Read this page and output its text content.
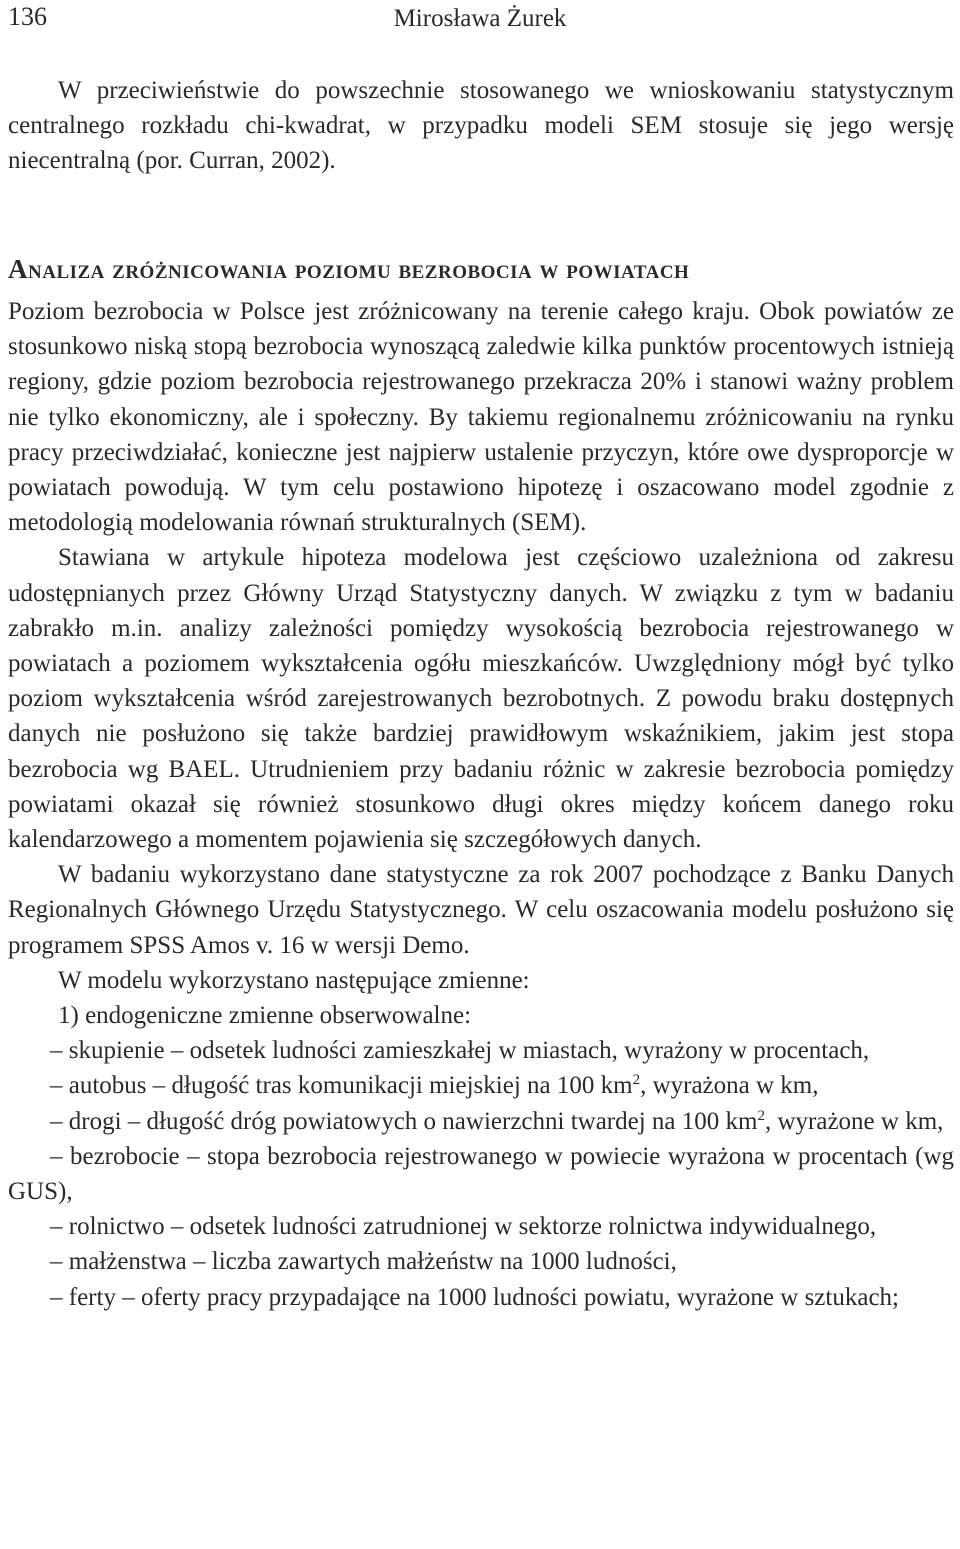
136	Mirosława Żurek

W przeciwieństwie do powszechnie stosowanego we wnioskowaniu statystycznym centralnego rozkładu chi-kwadrat, w przypadku modeli SEM stosuje się jego wersję niecentralną (por. Curran, 2002).

Analiza zróżnicowania poziomu bezrobocia w powiatach

Poziom bezrobocia w Polsce jest zróżnicowany na terenie całego kraju. Obok powiatów ze stosunkowo niską stopą bezrobocia wynoszącą zaledwie kilka punktów procentowych istnieją regiony, gdzie poziom bezrobocia rejestrowanego przekracza 20% i stanowi ważny problem nie tylko ekonomiczny, ale i społeczny. By takiemu regionalnemu zróżnicowaniu na rynku pracy przeciwdziałać, konieczne jest najpierw ustalenie przyczyn, które owe dysproporcje w powiatach powodują. W tym celu postawiono hipotezę i oszacowano model zgodnie z metodologią modelowania równań strukturalnych (SEM).

Stawiana w artykule hipoteza modelowa jest częściowo uzależniona od zakresu udostępnianych przez Główny Urząd Statystyczny danych. W związku z tym w badaniu zabrakło m.in. analizy zależności pomiędzy wysokością bezrobocia rejestrowanego w powiatach a poziomem wykształcenia ogółu mieszkańców. Uwzględniony mógł być tylko poziom wykształcenia wśród zarejestrowanych bezrobotnych. Z powodu braku dostępnych danych nie posłużono się także bardziej prawidłowym wskaźnikiem, jakim jest stopa bezrobocia wg BAEL. Utrudnieniem przy badaniu różnic w zakresie bezrobocia pomiędzy powiatami okazał się również stosunkowo długi okres między końcem danego roku kalendarzowego a momentem pojawienia się szczegółowych danych.

W badaniu wykorzystano dane statystyczne za rok 2007 pochodzące z Banku Danych Regionalnych Głównego Urzędu Statystycznego. W celu oszacowania modelu posłużono się programem SPSS Amos v. 16 w wersji Demo.

W modelu wykorzystano następujące zmienne:

1) endogeniczne zmienne obserwowalne:

– skupienie – odsetek ludności zamieszkałej w miastach, wyrażony w procentach,

– autobus – długość tras komunikacji miejskiej na 100 $km^2$, wyrażona w km,

– drogi – długość dróg powiatowych o nawierzchni twardej na 100 $km^2$, wyrażone w km,

– bezrobocie – stopa bezrobocia rejestrowanego w powiecie wyrażona w procentach (wg GUS),

– rolnictwo – odsetek ludności zatrudnionej w sektorze rolnictwa indywidualnego,

– małżenstwa – liczba zawartych małżeństw na 1000 ludności,

– ferty – oferty pracy przypadające na 1000 ludności powiatu, wyrażone w sztukach;
